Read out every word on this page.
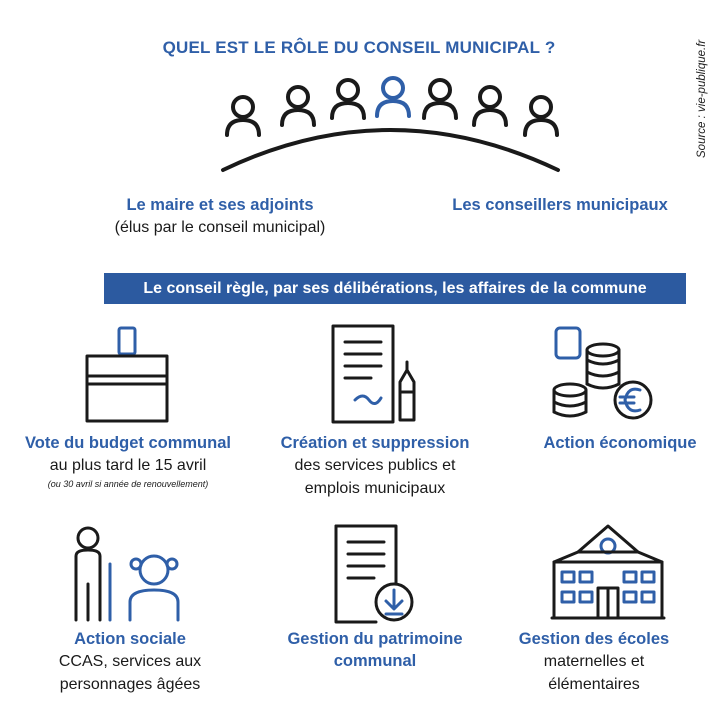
QUEL EST LE RÔLE DU CONSEIL MUNICIPAL ?	Source : vie-publique.fr
Le maire et ses adjoints
(élus par le conseil municipal)
Les conseillers municipaux
Le conseil règle, par ses délibérations, les affaires de la commune
Vote du budget communal
au plus tard le 15 avril
(ou 30 avril si année de renouvellement)
Création et suppression
des services publics et
emplois municipaux
Action économique
Action sociale
CCAS, services aux
personnages âgées
Gestion du patrimoine
communal
Gestion des écoles
maternelles et
élémentaires
